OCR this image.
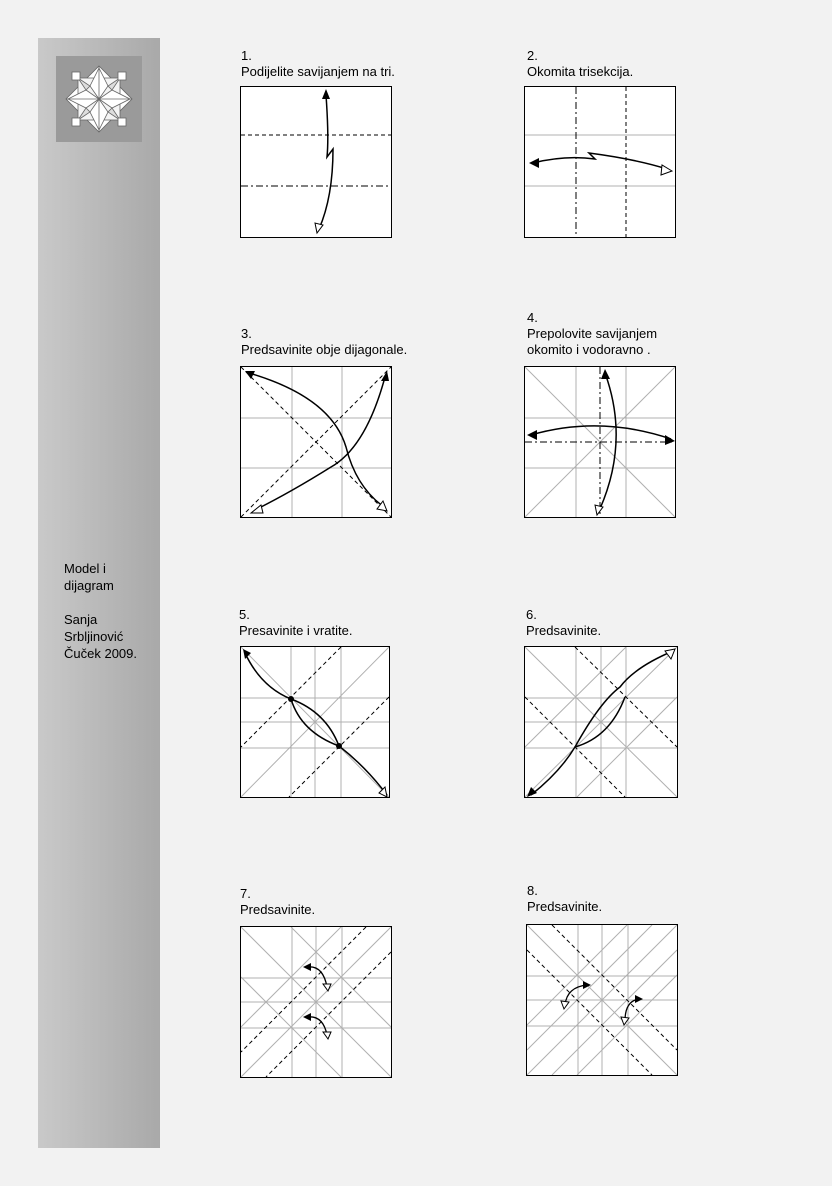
Model i
dijagram

Sanja
Srbljinović
Čuček 2009.
1.
Podijelite savijanjem na tri.
2.
Okomita trisekcija.
3.
Predsavinite obje dijagonale.
4.
Prepolovite savijanjem
okomito i vodoravno .
5.
Presavinite i vratite.
6.
Predsavinite.
7.
Predsavinite.
8.
Predsavinite.
